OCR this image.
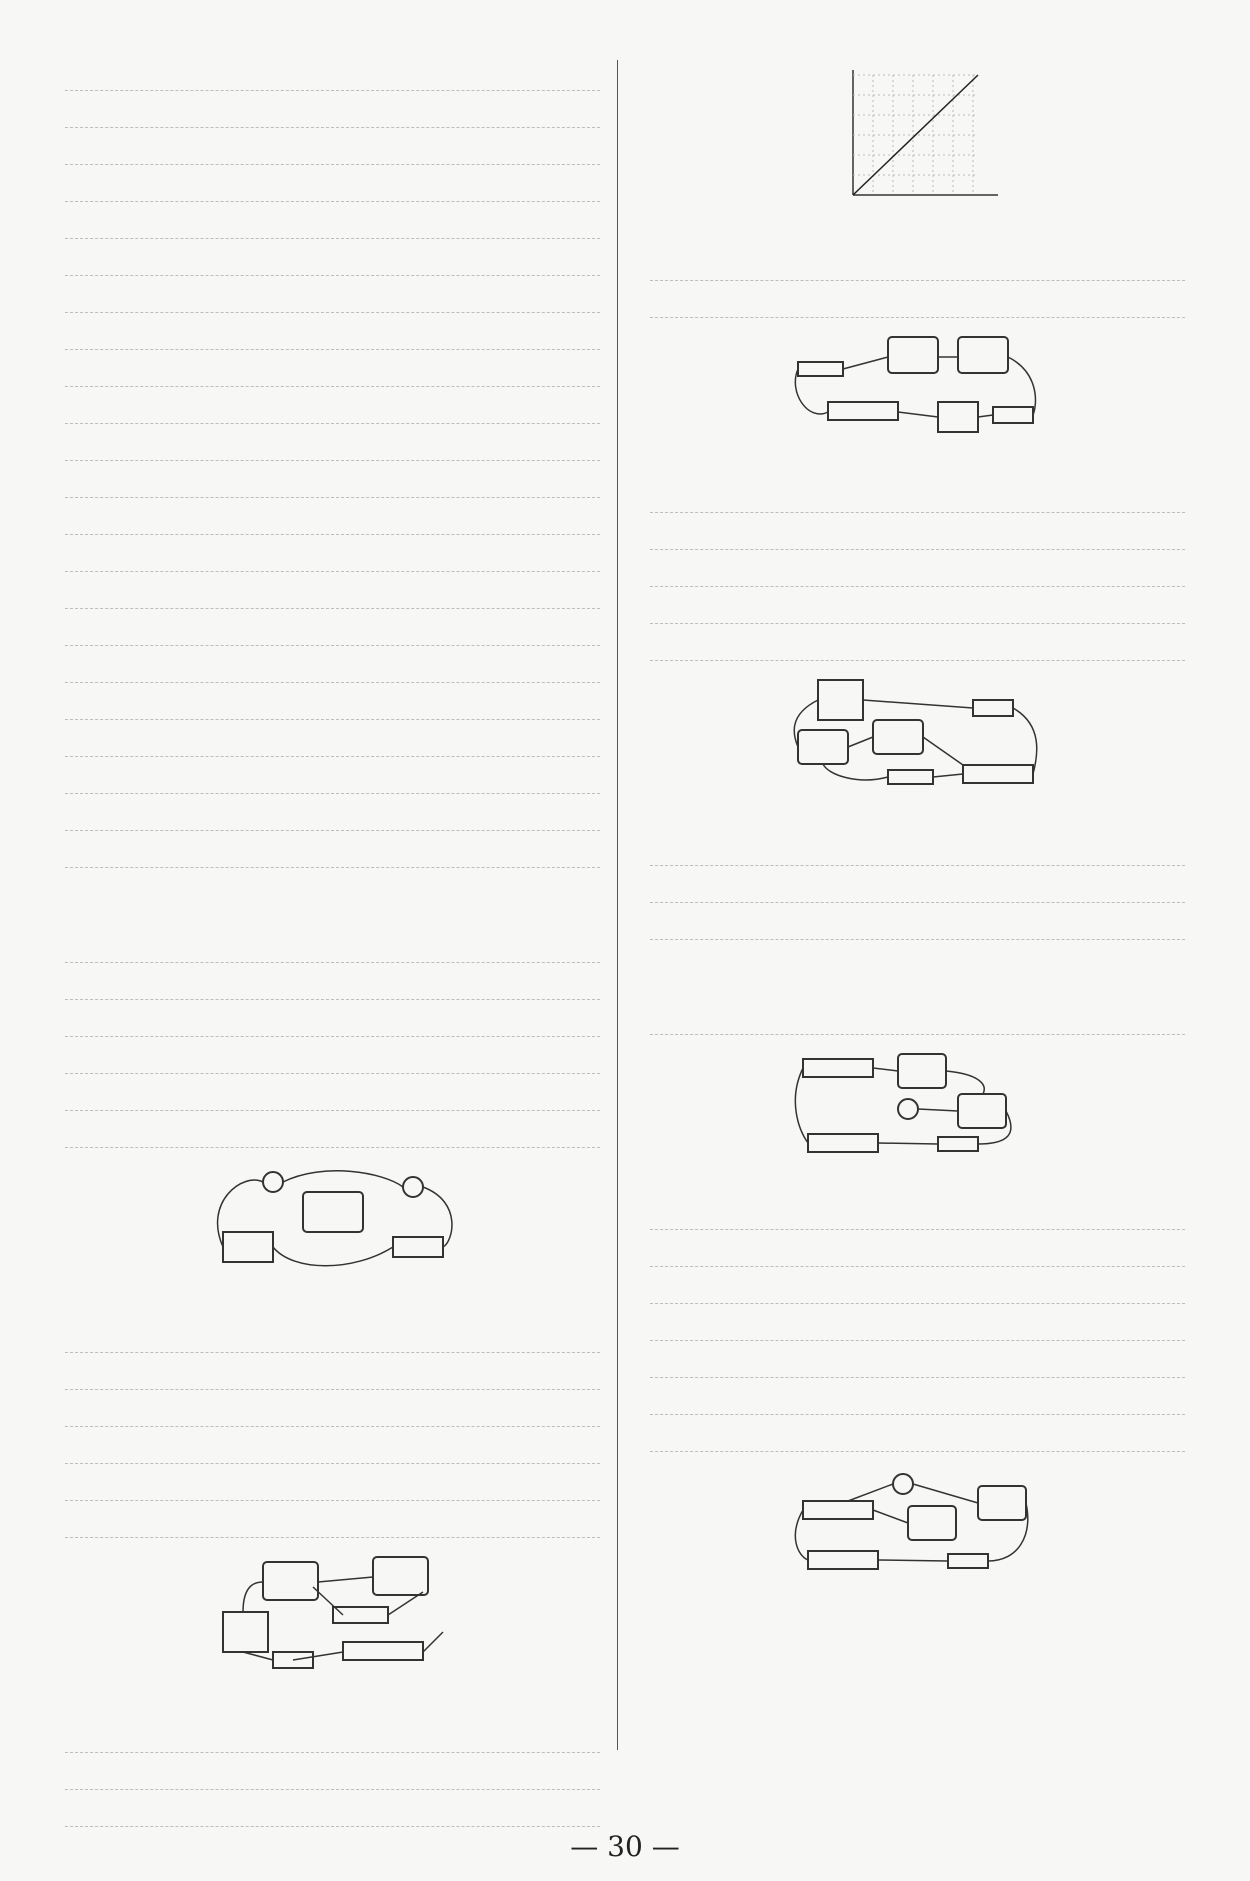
— 30 —
